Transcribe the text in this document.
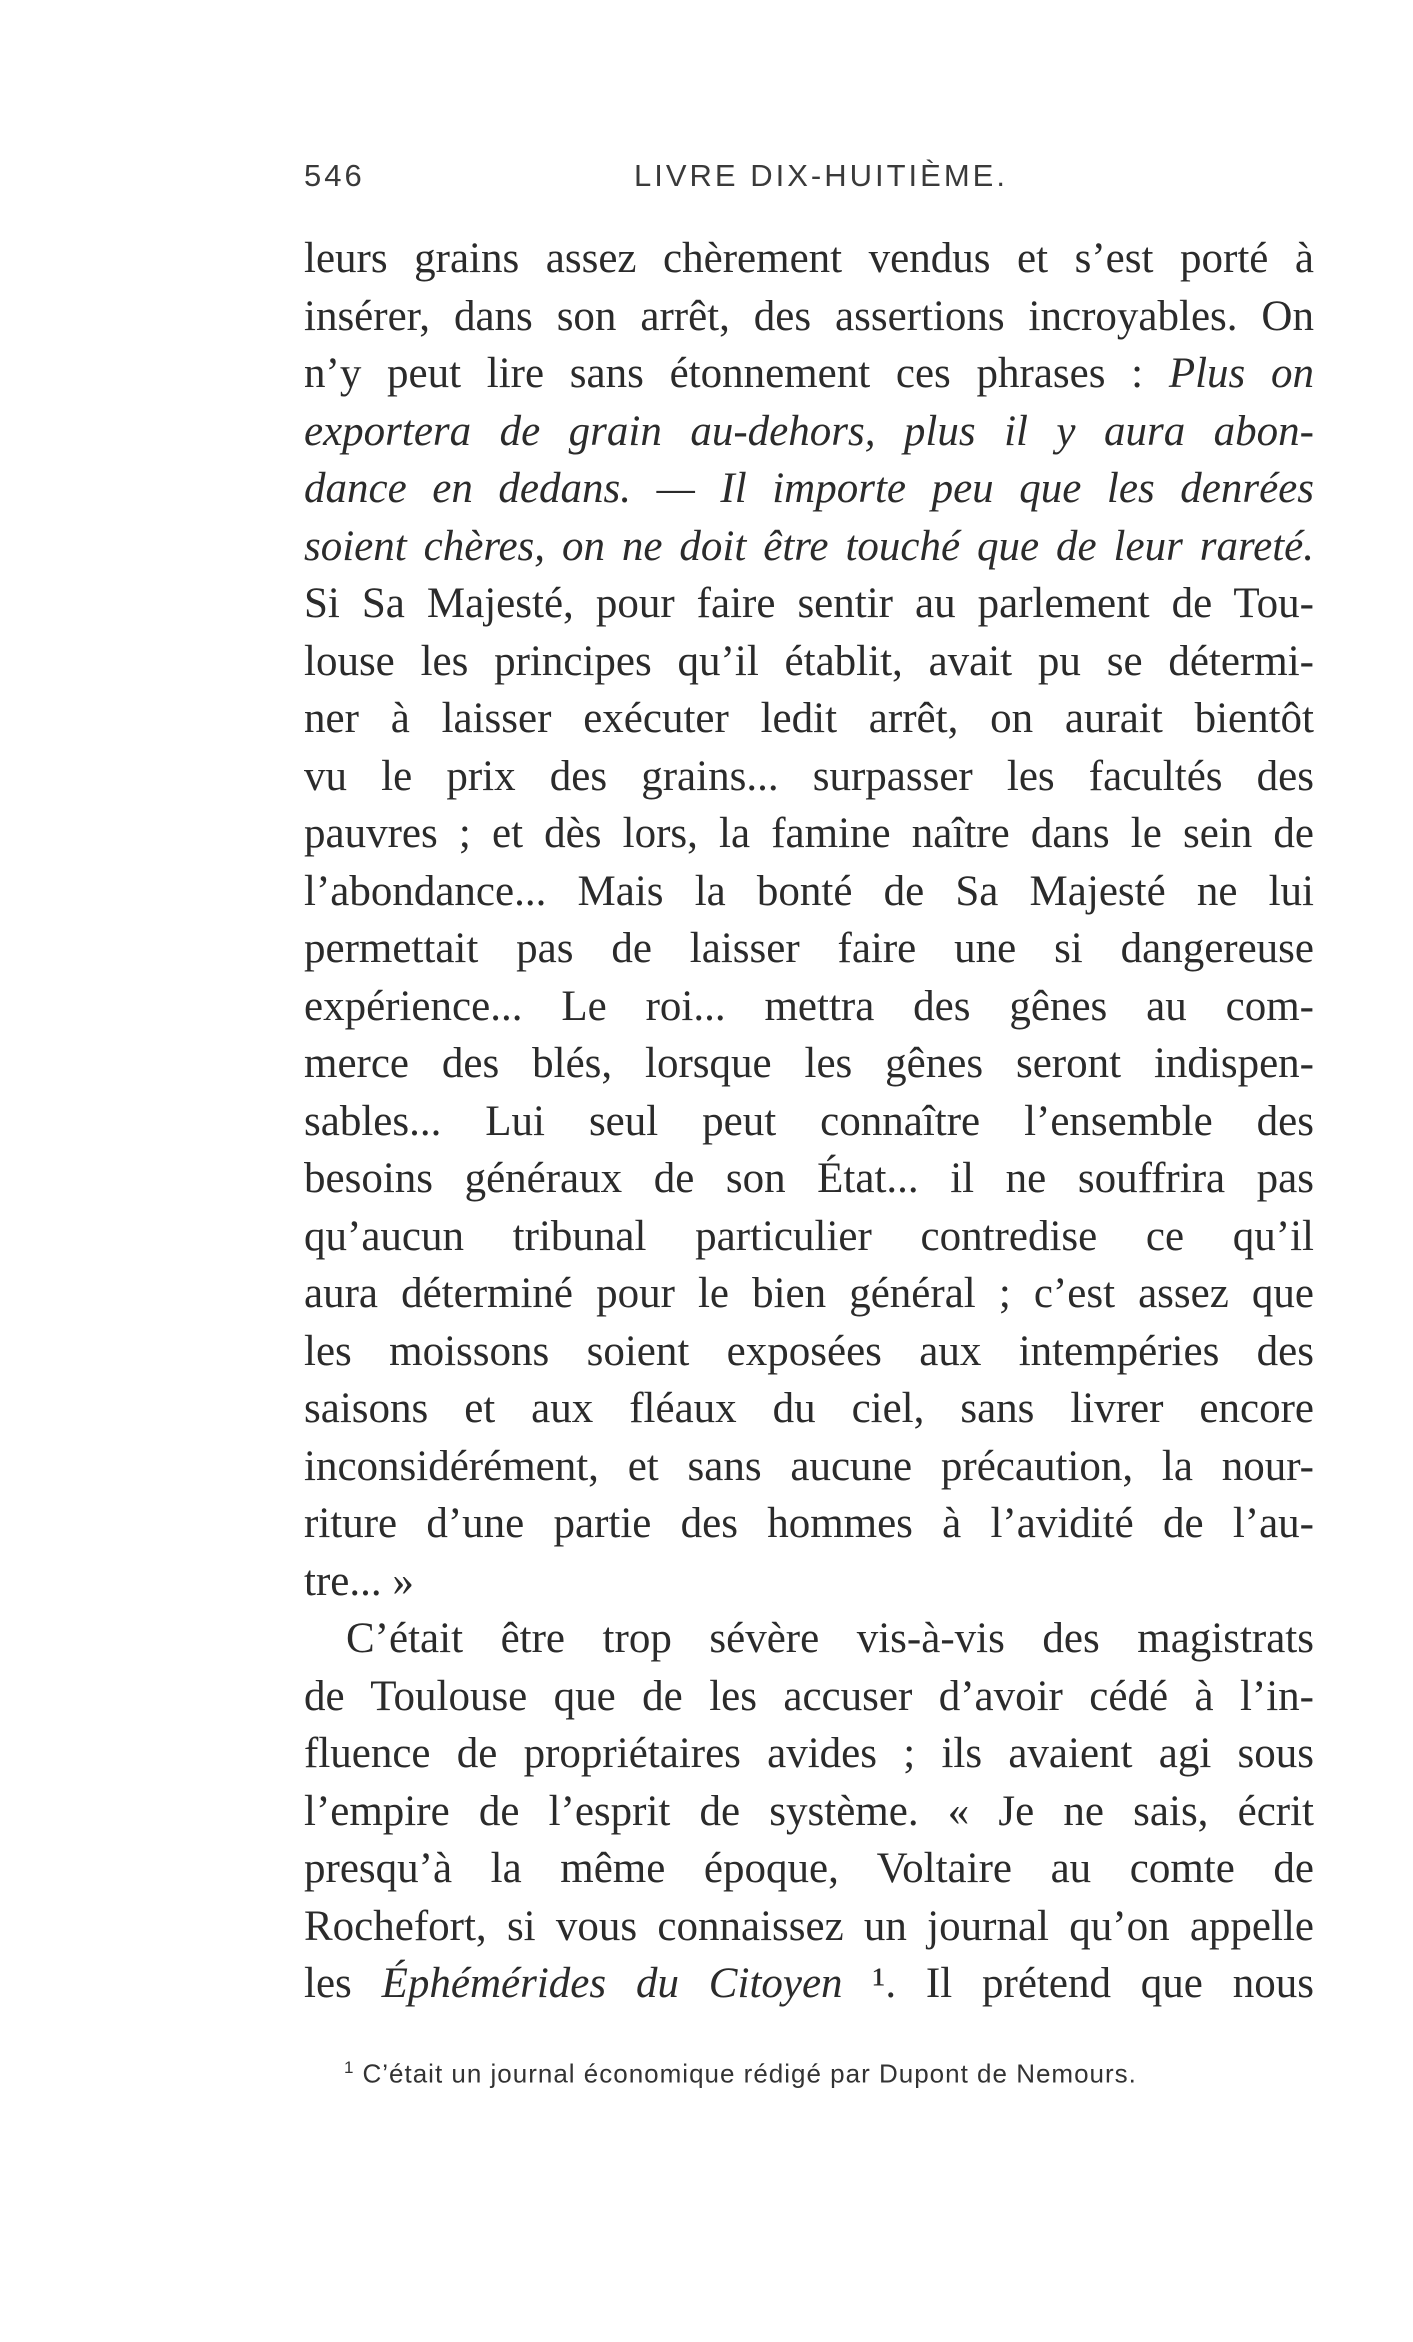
546	LIVRE DIX-HUITIÈME.
leurs grains assez chèrement vendus et s’est porté à
insérer, dans son arrêt, des assertions incroyables. On
n’y peut lire sans étonnement ces phrases : Plus on
exportera de grain au-dehors, plus il y aura abon-
dance en dedans. — Il importe peu que les denrées
soient chères, on ne doit être touché que de leur rareté.
Si Sa Majesté, pour faire sentir au parlement de Tou-
louse les principes qu’il établit, avait pu se détermi-
ner à laisser exécuter ledit arrêt, on aurait bientôt
vu le prix des grains... surpasser les facultés des
pauvres ; et dès lors, la famine naître dans le sein de
l’abondance... Mais la bonté de Sa Majesté ne lui
permettait pas de laisser faire une si dangereuse
expérience... Le roi... mettra des gênes au com-
merce des blés, lorsque les gênes seront indispen-
sables... Lui seul peut connaître l’ensemble des
besoins généraux de son État... il ne souffrira pas
qu’aucun tribunal particulier contredise ce qu’il
aura déterminé pour le bien général ; c’est assez que
les moissons soient exposées aux intempéries des
saisons et aux fléaux du ciel, sans livrer encore
inconsidérément, et sans aucune précaution, la nour-
riture d’une partie des hommes à l’avidité de l’au-
tre... »
C’était être trop sévère vis-à-vis des magistrats
de Toulouse que de les accuser d’avoir cédé à l’in-
fluence de propriétaires avides ; ils avaient agi sous
l’empire de l’esprit de système. « Je ne sais, écrit
presqu’à la même époque, Voltaire au comte de
Rochefort, si vous connaissez un journal qu’on appelle
les Éphémérides du Citoyen ¹. Il prétend que nous
$^1$ C’était un journal économique rédigé par Dupont de Nemours.
